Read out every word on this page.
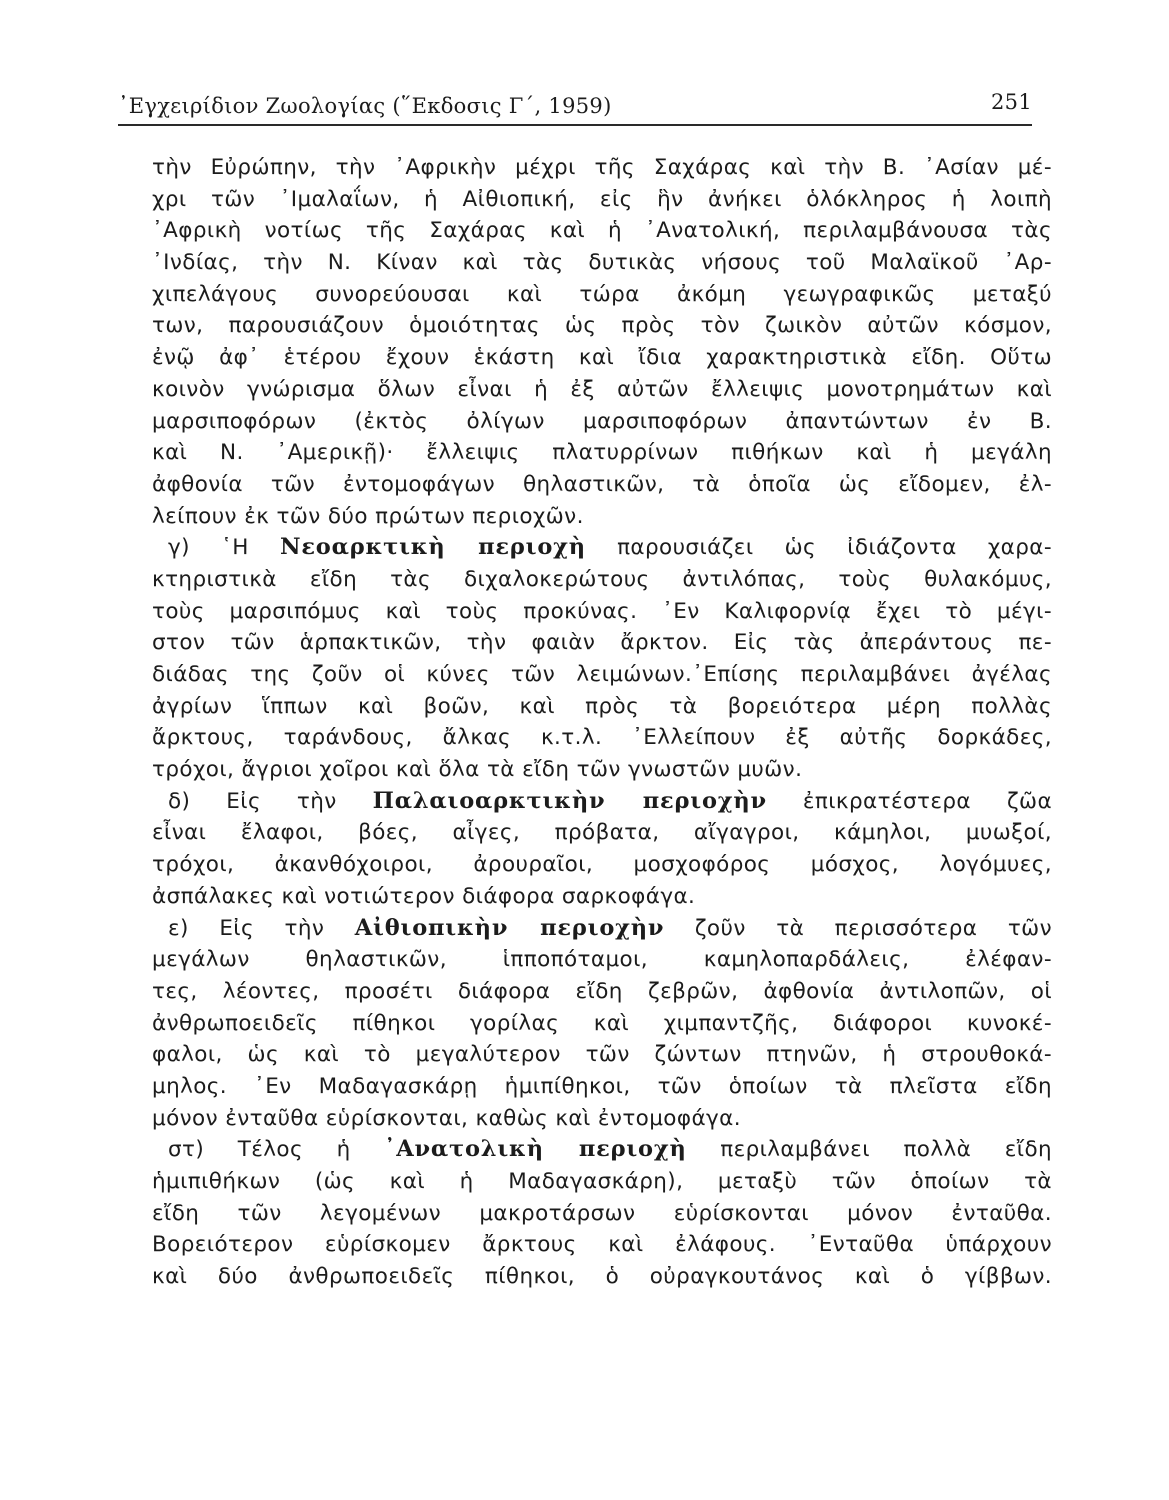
᾿Εγχειρίδιον Ζωολογίας (῞Εκδοσις Γ΄, 1959)	251
τὴν Εὐρώπην, τὴν ᾿Αφρικὴν μέχρι τῆς Σαχάρας καὶ τὴν Β. ᾿Ασίαν μέ-
χρι τῶν ᾿Ιμαλαΐων, ἡ Αἰθιοπική, εἰς ἣν ἀνήκει ὁλόκληρος ἡ λοιπὴ
᾿Αφρικὴ νοτίως τῆς Σαχάρας καὶ ἡ ᾿Ανατολική, περιλαμβάνουσα τὰς
᾿Ινδίας, τὴν Ν. Κίναν καὶ τὰς δυτικὰς νήσους τοῦ Μαλαϊκοῦ ᾿Αρ-
χιπελάγους συνορεύουσαι καὶ τώρα ἀκόμη γεωγραφικῶς μεταξύ
των, παρουσιάζουν ὁμοιότητας ὡς πρὸς τὸν ζωικὸν αὐτῶν κόσμον,
ἐνῷ ἀφ᾿ ἑτέρου ἔχουν ἑκάστη καὶ ἴδια χαρακτηριστικὰ εἴδη. Οὕτω
κοινὸν γνώρισμα ὅλων εἶναι ἡ ἐξ αὐτῶν ἔλλειψις μονοτρημάτων καὶ
μαρσιποφόρων (ἐκτὸς ὀλίγων μαρσιποφόρων ἀπαντώντων ἐν Β.
καὶ Ν. ᾿Αμερικῇ)· ἔλλειψις πλατυρρίνων πιθήκων καὶ ἡ μεγάλη
ἀφθονία τῶν ἐντομοφάγων θηλαστικῶν, τὰ ὁποῖα ὡς εἴδομεν, ἐλ-
λείπουν ἐκ τῶν δύο πρώτων περιοχῶν.
γ) ῾Η Νεοαρκτικὴ περιοχὴ παρουσιάζει ὡς ἰδιάζοντα χαρα-
κτηριστικὰ εἴδη τὰς διχαλοκερώτους ἀντιλόπας, τοὺς θυλακόμυς,
τοὺς μαρσιπόμυς καὶ τοὺς προκύνας. ᾿Εν Καλιφορνίᾳ ἔχει τὸ μέγι-
στον τῶν ἁρπακτικῶν, τὴν φαιὰν ἄρκτον. Εἰς τὰς ἀπεράντους πε-
διάδας της ζοῦν οἱ κύνες τῶν λειμώνων.᾿Επίσης περιλαμβάνει ἀγέλας
ἀγρίων ἵππων καὶ βοῶν, καὶ πρὸς τὰ βορειότερα μέρη πολλὰς
ἄρκτους, ταράνδους, ἄλκας κ.τ.λ. ᾿Ελλείπουν ἐξ αὐτῆς δορκάδες,
τρόχοι, ἄγριοι χοῖροι καὶ ὅλα τὰ εἴδη τῶν γνωστῶν μυῶν.
δ) Εἰς τὴν Παλαιοαρκτικὴν περιοχὴν ἐπικρατέστερα ζῶα
εἶναι ἔλαφοι, βόες, αἶγες, πρόβατα, αἴγαγροι, κάμηλοι, μυωξοί,
τρόχοι, ἀκανθόχοιροι, ἀρουραῖοι, μοσχοφόρος μόσχος, λογόμυες,
ἀσπάλακες καὶ νοτιώτερον διάφορα σαρκοφάγα.
ε) Εἰς τὴν Αἰθιοπικὴν περιοχὴν ζοῦν τὰ περισσότερα τῶν
μεγάλων θηλαστικῶν, ἱπποπόταμοι, καμηλοπαρδάλεις, ἐλέφαν-
τες, λέοντες, προσέτι διάφορα εἴδη ζεβρῶν, ἀφθονία ἀντιλοπῶν, οἱ
ἀνθρωποειδεῖς πίθηκοι γορίλας καὶ χιμπαντζῆς, διάφοροι κυνοκέ-
φαλοι, ὡς καὶ τὸ μεγαλύτερον τῶν ζώντων πτηνῶν, ἡ στρουθοκά-
μηλος. ᾿Εν Μαδαγασκάρῃ ἡμιπίθηκοι, τῶν ὁποίων τὰ πλεῖστα εἴδη
μόνον ἐνταῦθα εὑρίσκονται, καθὼς καὶ ἐντομοφάγα.
στ) Τέλος ἡ ᾿Ανατολικὴ περιοχὴ περιλαμβάνει πολλὰ εἴδη
ἡμιπιθήκων (ὡς καὶ ἡ Μαδαγασκάρη), μεταξὺ τῶν ὁποίων τὰ
εἴδη τῶν λεγομένων μακροτάρσων εὑρίσκονται μόνον ἐνταῦθα.
Βορειότερον εὑρίσκομεν ἄρκτους καὶ ἐλάφους. ᾿Ενταῦθα ὑπάρχουν
καὶ δύο ἀνθρωποειδεῖς πίθηκοι, ὁ οὐραγκουτάνος καὶ ὁ γίββων.
